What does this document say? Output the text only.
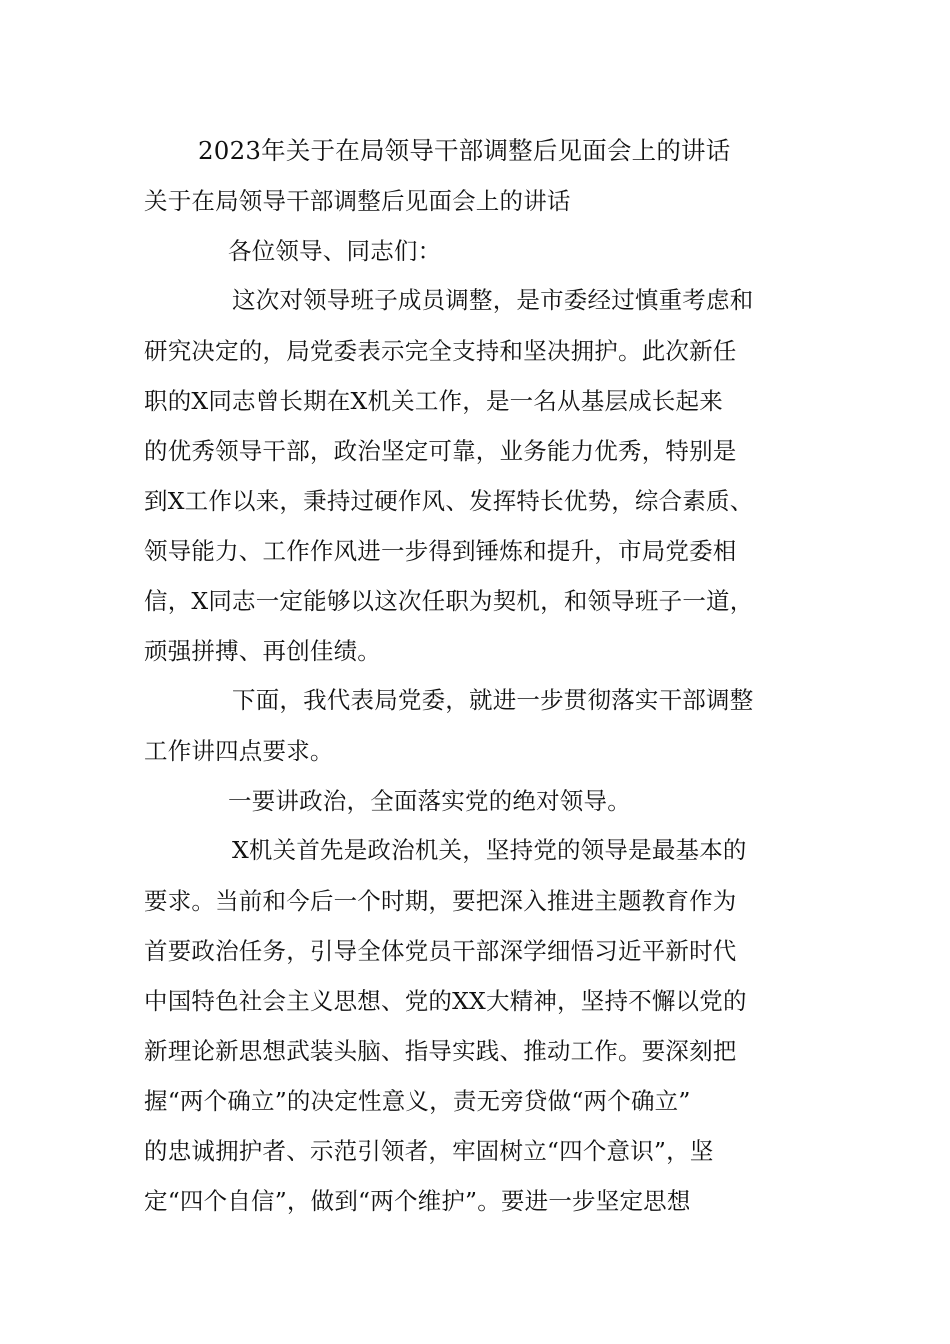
2023年关于在局领导干部调整后见面会上的讲话
关于在局领导干部调整后见面会上的讲话
各位领导、同志们：
这次对领导班子成员调整，是市委经过慎重考虑和
研究决定的，局党委表示完全支持和坚决拥护。此次新任
职的X同志曾长期在X机关工作，是一名从基层成长起来
的优秀领导干部，政治坚定可靠，业务能力优秀，特别是
到X工作以来，秉持过硬作风、发挥特长优势，综合素质、
领导能力、工作作风进一步得到锤炼和提升，市局党委相
信，X同志一定能够以这次任职为契机，和领导班子一道，
顽强拼搏、再创佳绩。
下面，我代表局党委，就进一步贯彻落实干部调整
工作讲四点要求。
一要讲政治，全面落实党的绝对领导。
X机关首先是政治机关，坚持党的领导是最基本的
要求。当前和今后一个时期，要把深入推进主题教育作为
首要政治任务，引导全体党员干部深学细悟习近平新时代
中国特色社会主义思想、党的XX大精神，坚持不懈以党的
新理论新思想武装头脑、指导实践、推动工作。要深刻把
握“两个确立”的决定性意义，责无旁贷做“两个确立”
的忠诚拥护者、示范引领者，牢固树立“四个意识”，坚
定“四个自信”，做到“两个维护”。要进一步坚定思想
